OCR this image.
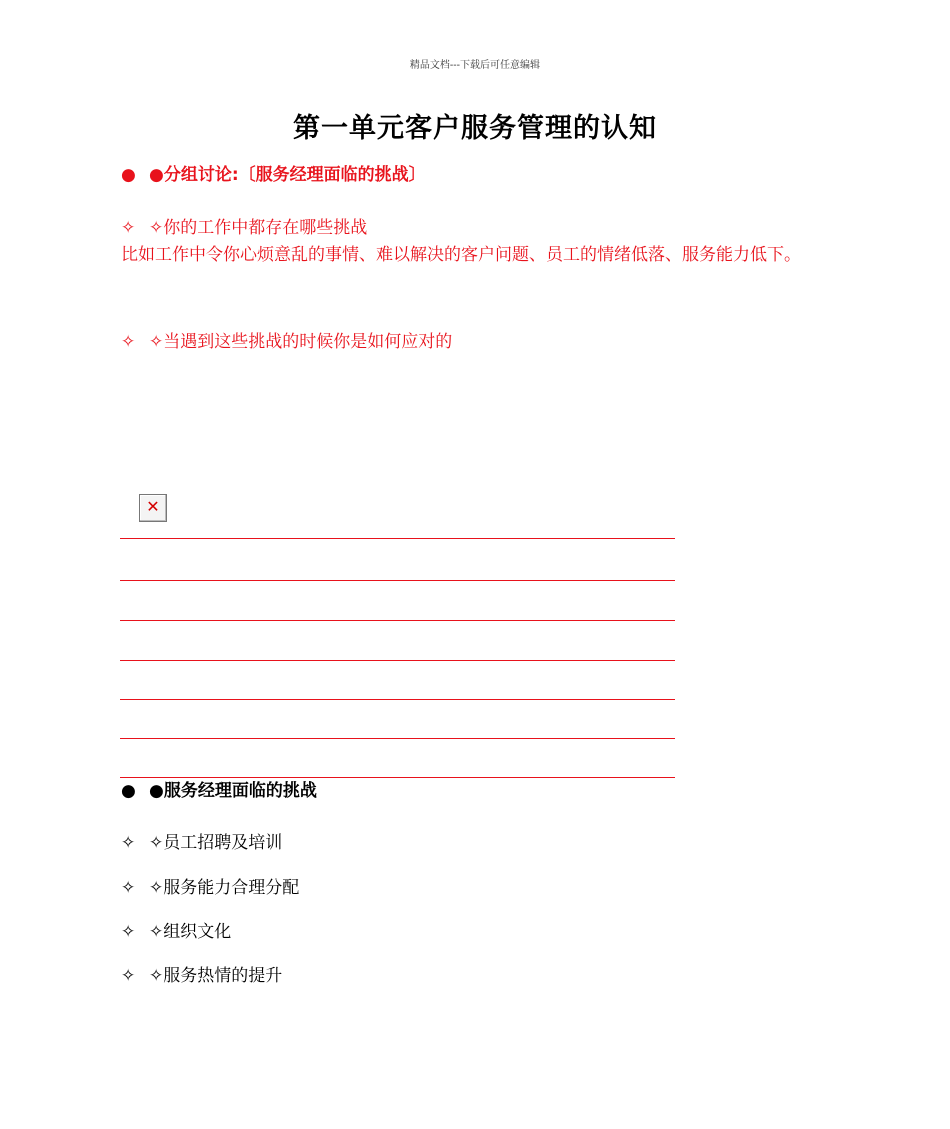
精品文档---下载后可任意编辑
第一单元客户服务管理的认知
● ●分组讨论:〔服务经理面临的挑战〕
✧ ✧你的工作中都存在哪些挑战
比如工作中令你心烦意乱的事情、难以解决的客户问题、员工的情绪低落、服务能力低下。
✧ ✧当遇到这些挑战的时候你是如何应对的
✕
● ●服务经理面临的挑战
✧ ✧员工招聘及培训
✧ ✧服务能力合理分配
✧ ✧组织文化
✧ ✧服务热情的提升
